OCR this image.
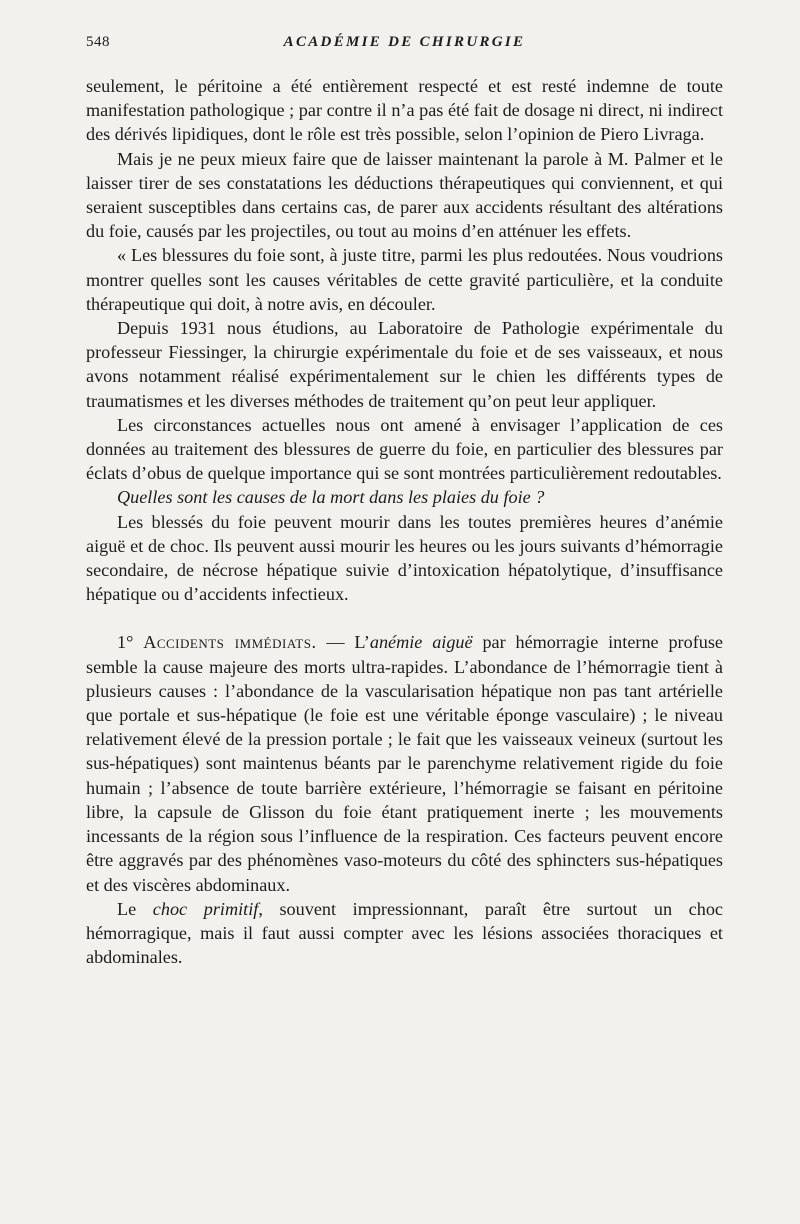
548	ACADÉMIE DE CHIRURGIE

seulement, le péritoine a été entièrement respecté et est resté indemne de toute manifestation pathologique ; par contre il n’a pas été fait de dosage ni direct, ni indirect des dérivés lipidiques, dont le rôle est très possible, selon l’opinion de Piero Livraga.

Mais je ne peux mieux faire que de laisser maintenant la parole à M. Palmer et le laisser tirer de ses constatations les déductions thérapeutiques qui conviennent, et qui seraient susceptibles dans certains cas, de parer aux accidents résultant des altérations du foie, causés par les projectiles, ou tout au moins d’en atténuer les effets.

« Les blessures du foie sont, à juste titre, parmi les plus redoutées. Nous voudrions montrer quelles sont les causes véritables de cette gravité particulière, et la conduite thérapeutique qui doit, à notre avis, en découler.

Depuis 1931 nous étudions, au Laboratoire de Pathologie expérimentale du professeur Fiessinger, la chirurgie expérimentale du foie et de ses vaisseaux, et nous avons notamment réalisé expérimentalement sur le chien les différents types de traumatismes et les diverses méthodes de traitement qu’on peut leur appliquer.

Les circonstances actuelles nous ont amené à envisager l’application de ces données au traitement des blessures de guerre du foie, en particulier des blessures par éclats d’obus de quelque importance qui se sont montrées particulièrement redoutables.

Quelles sont les causes de la mort dans les plaies du foie ?

Les blessés du foie peuvent mourir dans les toutes premières heures d’anémie aiguë et de choc. Ils peuvent aussi mourir les heures ou les jours suivants d’hémorragie secondaire, de nécrose hépatique suivie d’intoxication hépatolytique, d’insuffisance hépatique ou d’accidents infectieux.

1° Accidents immédiats. — L’anémie aiguë par hémorragie interne profuse semble la cause majeure des morts ultra-rapides. L’abondance de l’hémorragie tient à plusieurs causes : l’abondance de la vascularisation hépatique non pas tant artérielle que portale et sus-hépatique (le foie est une véritable éponge vasculaire) ; le niveau relativement élevé de la pression portale ; le fait que les vaisseaux veineux (surtout les sus-hépatiques) sont maintenus béants par le parenchyme relativement rigide du foie humain ; l’absence de toute barrière extérieure, l’hémorragie se faisant en péritoine libre, la capsule de Glisson du foie étant pratiquement inerte ; les mouvements incessants de la région sous l’influence de la respiration. Ces facteurs peuvent encore être aggravés par des phénomènes vaso-moteurs du côté des sphincters sus-hépatiques et des viscères abdominaux.

Le choc primitif, souvent impressionnant, paraît être surtout un choc hémorragique, mais il faut aussi compter avec les lésions associées thoraciques et abdominales.
